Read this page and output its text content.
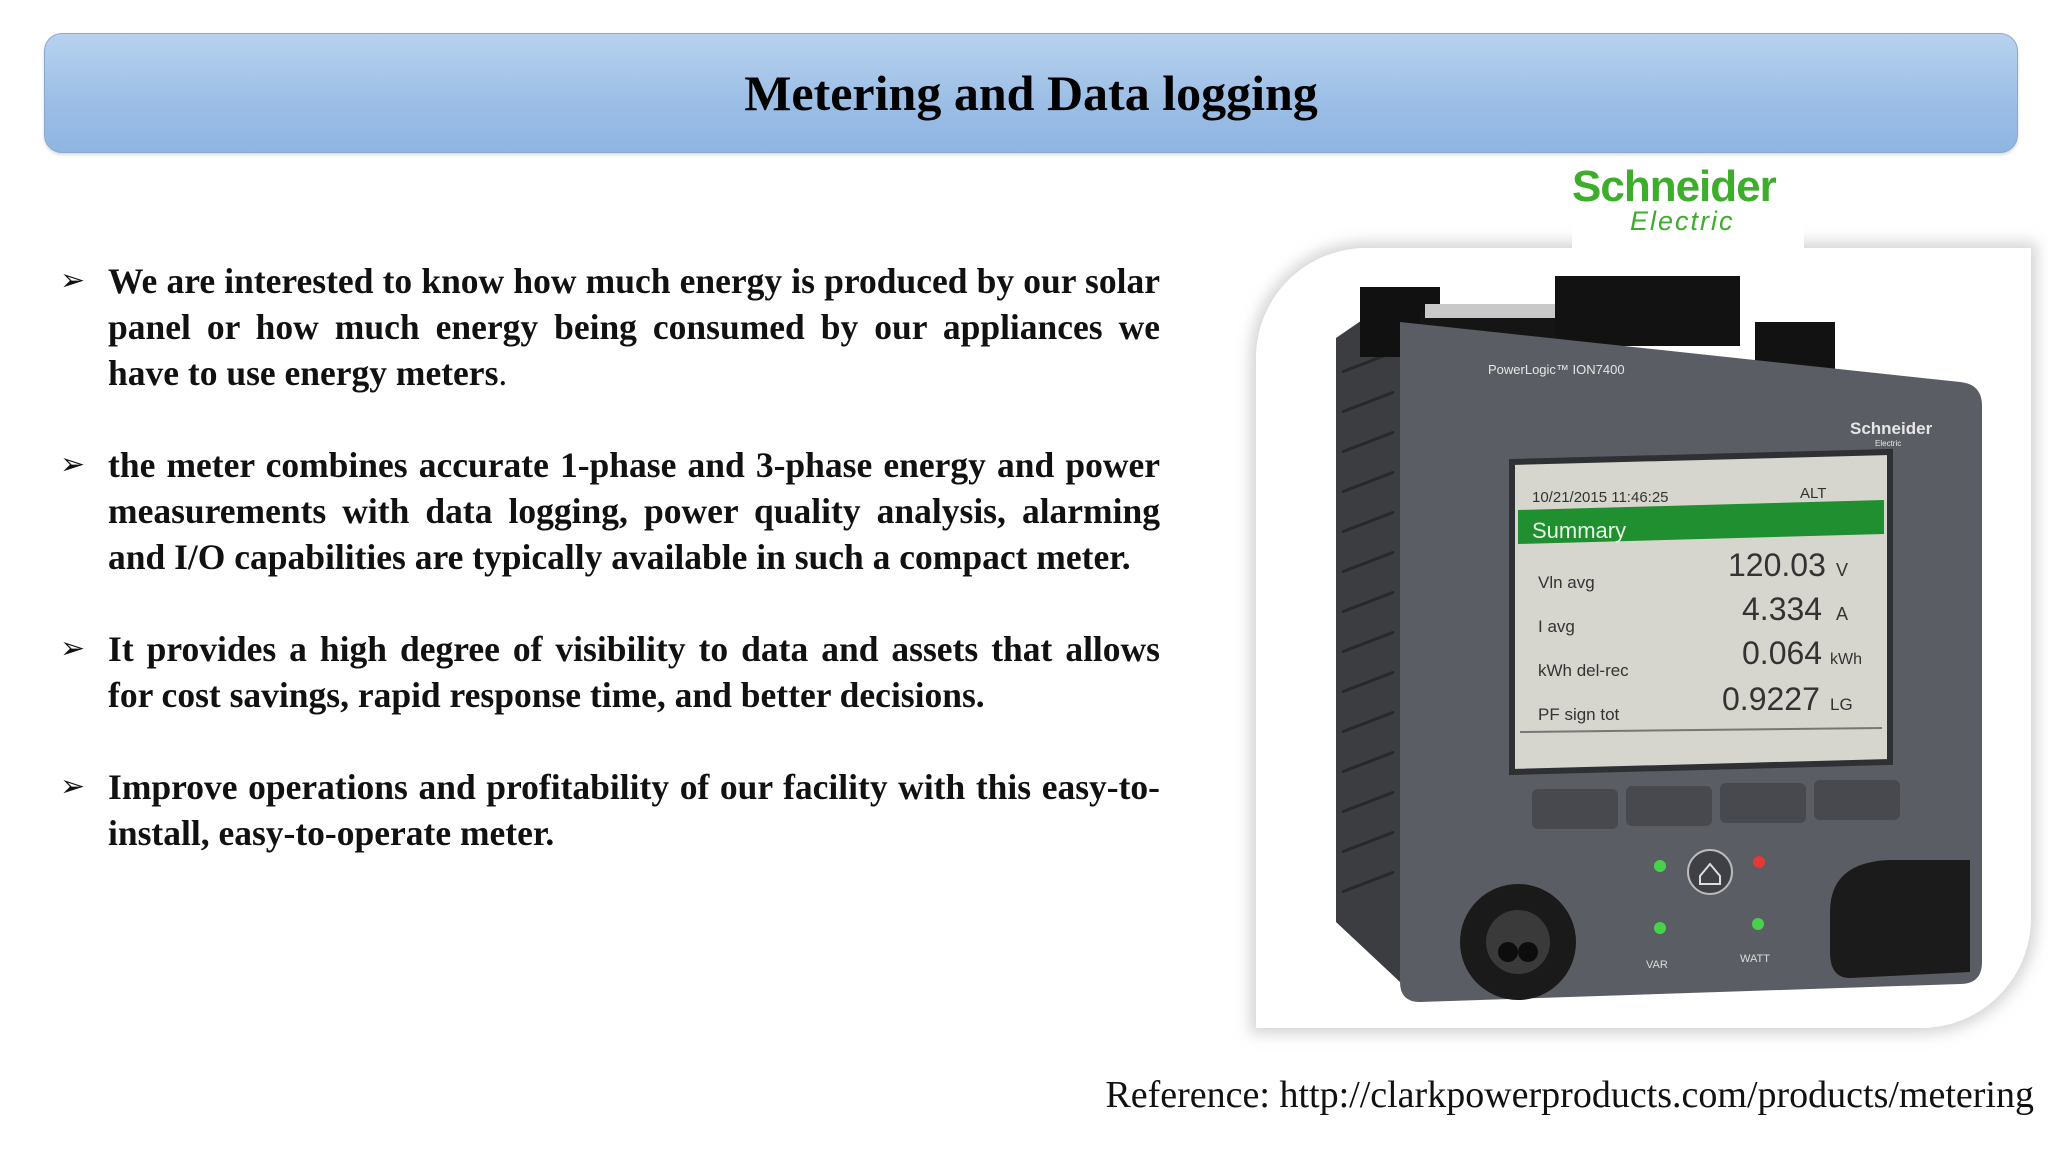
Metering and Data logging
➢ We are interested to know how much energy is produced by our solar panel or how much energy being consumed by our appliances we have to use energy meters.
➢ the meter combines accurate 1-phase and 3-phase energy and power measurements with data logging, power quality analysis, alarming and I/O capabilities are typically available in such a compact meter.
➢ It provides a high degree of visibility to data and assets that allows for cost savings, rapid response time, and better decisions.
➢ Improve operations and profitability of our facility with this easy-to-install, easy-to-operate meter.
Schneider
Electric
PowerLogic™ ION7400
Schneider
Electric
10/21/2015 11:46:25	ALT
Summary
Vln avg	120.03 V
I avg	4.334 A
kWh del-rec	0.064 kWh
PF sign tot	0.9227 LG
VAR	WATT
Reference: http://clarkpowerproducts.com/products/metering
